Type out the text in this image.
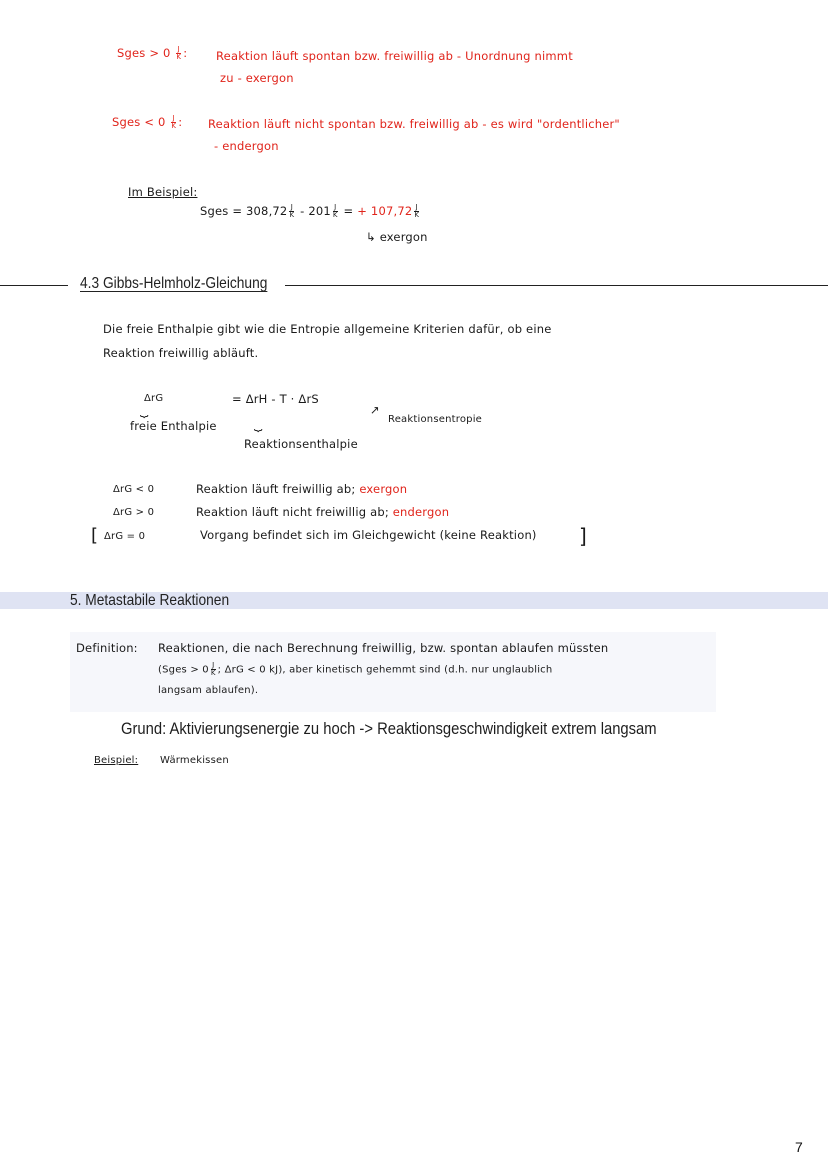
Sges > $0 \frac{J}{K}$ : Reaktion läuft spontan bzw. freiwillig ab - Unordnung nimmt
zu - exergon
Sges < $0 \frac{J}{K}$ : Reaktion läuft nicht spontan bzw. freiwillig ab - es wird "ordentlicher"
- endergon
Im Beispiel:
Sges = $308,72 \frac{J}{K} - 201 \frac{J}{K}$ = + $107,72 \frac{J}{K}$
↳ exergon
4.3 Gibbs-Helmholz-Gleichung
Die freie Enthalpie gibt wie die Entropie allgemeine Kriterien dafür, ob eine
Reaktion freiwillig abläuft.
ΔrG
⏟
= ΔrH - T · ΔrS
⏟
freie Enthalpie
Reaktionsenthalpie
↗
Reaktionsentropie
ΔrG < 0	Reaktion läuft freiwillig ab; exergon
ΔrG > 0	Reaktion läuft nicht freiwillig ab; endergon
[ ΔrG = 0	Vorgang befindet sich im Gleichgewicht (keine Reaktion) ]
5. Metastabile Reaktionen
Definition: Reaktionen, die nach Berechnung freiwillig, bzw. spontan ablaufen müssten
(Sges > $0 \frac{J}{K}$ ; ΔrG < 0 kJ), aber kinetisch gehemmt sind (d.h. nur unglaublich
langsam ablaufen).
Grund: Aktivierungsenergie zu hoch -> Reaktionsgeschwindigkeit extrem langsam
Beispiel: Wärmekissen
7
